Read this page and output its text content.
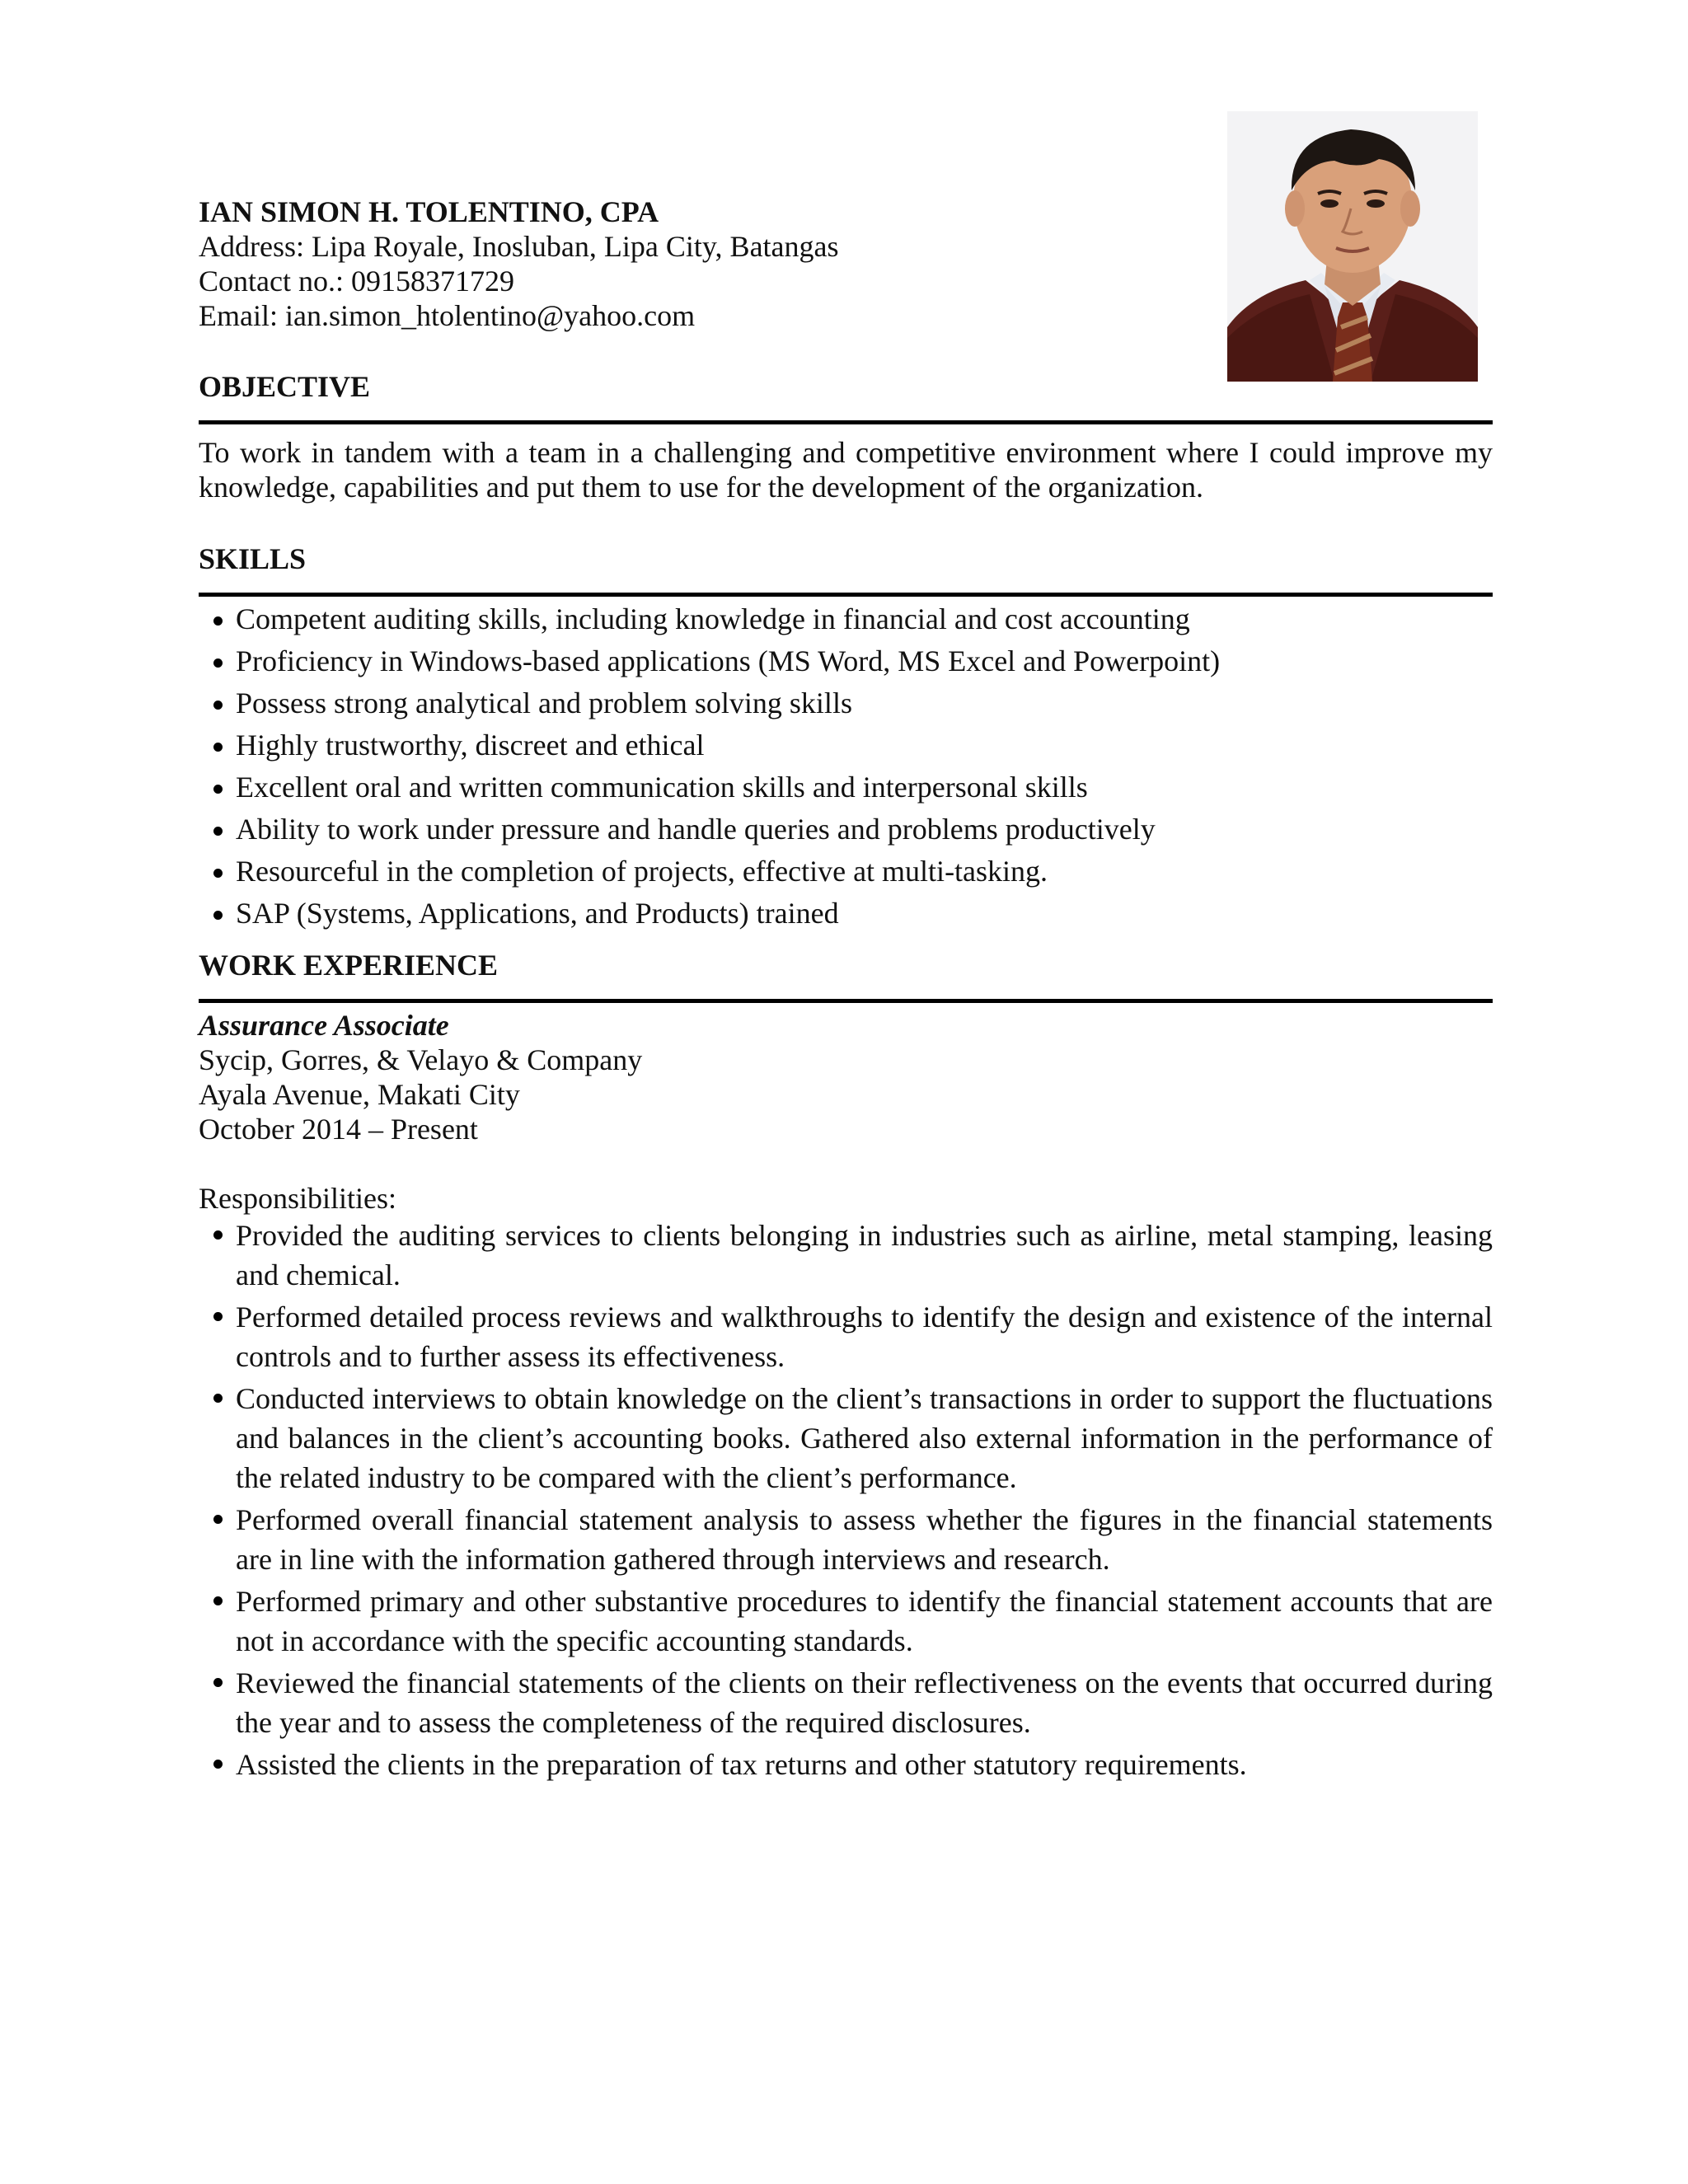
IAN SIMON H. TOLENTINO, CPA
Address: Lipa Royale, Inosluban, Lipa City, Batangas
Contact no.: 09158371729
Email: ian.simon_htolentino@yahoo.com
OBJECTIVE
To work in tandem with a team in a challenging and competitive environment where I could improve my knowledge, capabilities and put them to use for the development of the organization.
SKILLS
Competent auditing skills, including knowledge in financial and cost accounting
Proficiency in Windows-based applications (MS Word, MS Excel and Powerpoint)
Possess strong analytical and problem solving skills
Highly trustworthy, discreet and ethical
Excellent oral and written communication skills and interpersonal skills
Ability to work under pressure and handle queries and problems productively
Resourceful in the completion of projects, effective at multi-tasking.
SAP (Systems, Applications, and Products) trained
WORK EXPERIENCE
Assurance Associate
Sycip, Gorres, & Velayo & Company
Ayala Avenue, Makati City
October 2014 – Present
Responsibilities:
Provided the auditing services to clients belonging in industries such as airline, metal stamping, leasing and chemical.
Performed detailed process reviews and walkthroughs to identify the design and existence of the internal controls and to further assess its effectiveness.
Conducted interviews to obtain knowledge on the client’s transactions in order to support the fluctuations and balances in the client’s accounting books. Gathered also external information in the performance of the related industry to be compared with the client’s performance.
Performed overall financial statement analysis to assess whether the figures in the financial statements are in line with the information gathered through interviews and research.
Performed primary and other substantive procedures to identify the financial statement accounts that are not in accordance with the specific accounting standards.
Reviewed the financial statements of the clients on their reflectiveness on the events that occurred during the year and to assess the completeness of the required disclosures.
Assisted the clients in the preparation of tax returns and other statutory requirements.
